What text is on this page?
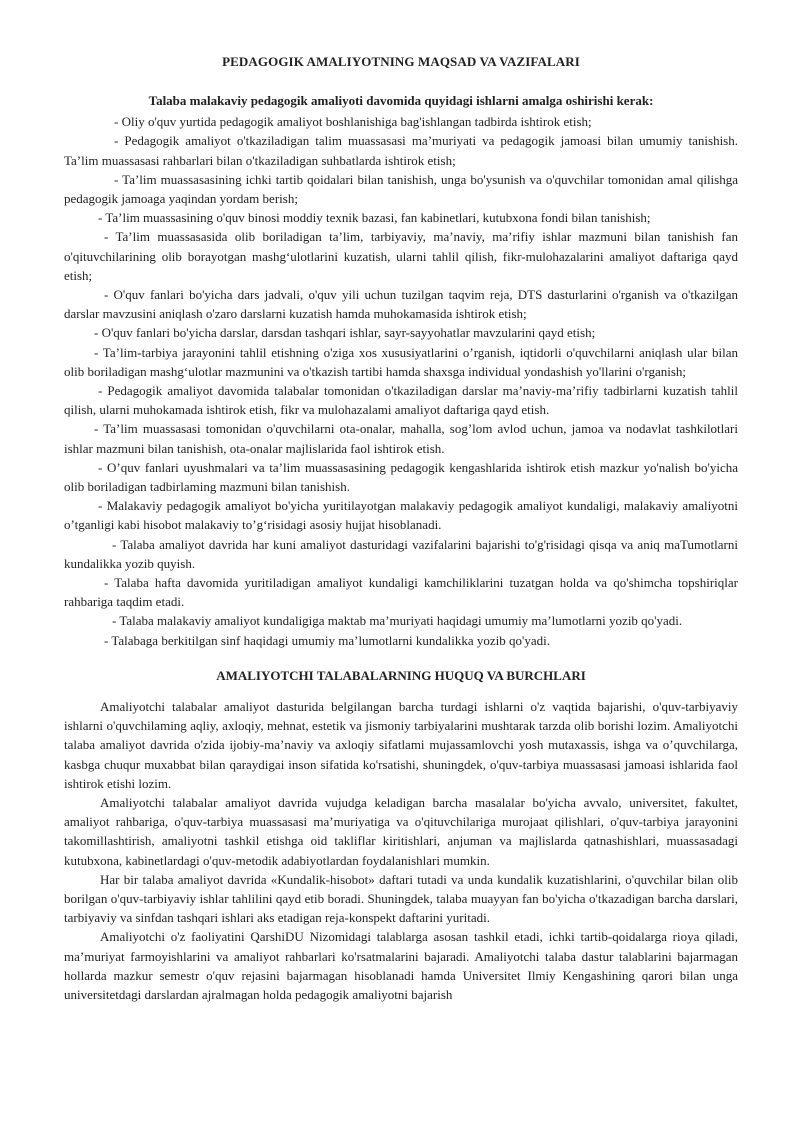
PEDAGOGIK AMALIYOTNING MAQSAD VA VAZIFALARI

Talaba malakaviy pedagogik amaliyoti davomida quyidagi ishlarni amalga oshirishi kerak:

- Oliy o'quv yurtida pedagogik amaliyot boshlanishiga bag'ishlangan tadbirda ishtirok etish;

- Pedagogik amaliyot o'tkaziladigan talim muassasasi ma’muriyati va pedagogik jamoasi bilan umumiy tanishish. Ta’lim muassasasi rahbarlari bilan o'tkaziladigan suhbatlarda ishtirok etish;

- Ta’lim muassasasining ichki tartib qoidalari bilan tanishish, unga bo'ysunish va o'quvchilar tomonidan amal qilishga pedagogik jamoaga yaqindan yordam berish;

- Ta’lim muassasining o'quv binosi moddiy texnik bazasi, fan kabinetlari, kutubxona fondi bilan tanishish;

- Ta’lim muassasasida olib boriladigan ta’lim, tarbiyaviy, ma’naviy, ma’rifiy ishlar mazmuni bilan tanishish fan o'qituvchilarining olib borayotgan mashg‘ulotlarini kuzatish, ularni tahlil qilish, fikr-mulohazalarini amaliyot daftariga qayd etish;

- O'quv fanlari bo'yicha dars jadvali, o'quv yili uchun tuzilgan taqvim reja, DTS dasturlarini o'rganish va o'tkazilgan darslar mavzusini aniqlash o'zaro darslarni kuzatish hamda muhokamasida ishtirok etish;

- O'quv fanlari bo'yicha darslar, darsdan tashqari ishlar, sayr-sayyohatlar mavzularini qayd etish;

- Ta’lim-tarbiya jarayonini tahlil etishning o'ziga xos xususiyatlarini o’rganish, iqtidorli o'quvchilarni aniqlash ular bilan olib boriladigan mashg‘ulotlar mazmunini va o'tkazish tartibi hamda shaxsga individual yondashish yo'llarini o'rganish;

- Pedagogik amaliyot davomida talabalar tomonidan o'tkaziladigan darslar ma’naviy-ma’rifiy tadbirlarni kuzatish tahlil qilish, ularni muhokamada ishtirok etish, fikr va mulohazalami amaliyot daftariga qayd etish.

- Ta’lim muassasasi tomonidan o'quvchilarni ota-onalar, mahalla, sog’lom avlod uchun, jamoa va nodavlat tashkilotlari ishlar mazmuni bilan tanishish, ota-onalar majlislarida faol ishtirok etish.

- O’quv fanlari uyushmalari va ta’lim muassasasining pedagogik kengashlarida ishtirok etish mazkur yo'nalish bo'yicha olib boriladigan tadbirlaming mazmuni bilan tanishish.

- Malakaviy pedagogik amaliyot bo'yicha yuritilayotgan malakaviy pedagogik amaliyot kundaligi, malakaviy amaliyotni o’tganligi kabi hisobot malakaviy to’g‘risidagi asosiy hujjat hisoblanadi.

- Talaba amaliyot davrida har kuni amaliyot dasturidagi vazifalarini bajarishi to'g'risidagi qisqa va aniq maTumotlarni kundalikka yozib quyish.

- Talaba hafta davomida yuritiladigan amaliyot kundaligi kamchiliklarini tuzatgan holda va qo'shimcha topshiriqlar rahbariga taqdim etadi.

- Talaba malakaviy amaliyot kundaligiga maktab ma’muriyati haqidagi umumiy ma’lumotlarni yozib qo'yadi.

- Talabaga berkitilgan sinf haqidagi umumiy ma’lumotlarni kundalikka yozib qo'yadi.

AMALIYOTCHI TALABALARNING HUQUQ VA BURCHLARI

Amaliyotchi talabalar amaliyot dasturida belgilangan barcha turdagi ishlarni o'z vaqtida bajarishi, o'quv-tarbiyaviy ishlarni o'quvchilaming aqliy, axloqiy, mehnat, estetik va jismoniy tarbiyalarini mushtarak tarzda olib borishi lozim. Amaliyotchi talaba amaliyot davrida o'zida ijobiy-ma’naviy va axloqiy sifatlami mujassamlovchi yosh mutaxassis, ishga va o’quvchilarga, kasbga chuqur muxabbat bilan qaraydigai inson sifatida ko'rsatishi, shuningdek, o'quv-tarbiya muassasasi jamoasi ishlarida faol ishtirok etishi lozim.

Amaliyotchi talabalar amaliyot davrida vujudga keladigan barcha masalalar bo'yicha avvalo, universitet, fakultet, amaliyot rahbariga, o'quv-tarbiya muassasasi ma’muriyatiga va o'qituvchilariga murojaat qilishlari, o'quv-tarbiya jarayonini takomillashtirish, amaliyotni tashkil etishga oid takliflar kiritishlari, anjuman va majlislarda qatnashishlari, muassasadagi kutubxona, kabinetlardagi o'quv-metodik adabiyotlardan foydalanishlari mumkin.

Har bir talaba amaliyot davrida «Kundalik-hisobot» daftari tutadi va unda kundalik kuzatishlarini, o'quvchilar bilan olib borilgan o'quv-tarbiyaviy ishlar tahlilini qayd etib boradi. Shuningdek, talaba muayyan fan bo'yicha o'tkazadigan barcha darslari, tarbiyaviy va sinfdan tashqari ishlari aks etadigan reja-konspekt daftarini yuritadi.

Amaliyotchi o'z faoliyatini QarshiDU Nizomidagi talablarga asosan tashkil etadi, ichki tartib-qoidalarga rioya qiladi, ma’muriyat farmoyishlarini va amaliyot rahbarlari ko'rsatmalarini bajaradi. Amaliyotchi talaba dastur talablarini bajarmagan hollarda mazkur semestr o'quv rejasini bajarmagan hisoblanadi hamda Universitet Ilmiy Kengashining qarori bilan unga universitetdagi darslardan ajralmagan holda pedagogik amaliyotni bajarish
